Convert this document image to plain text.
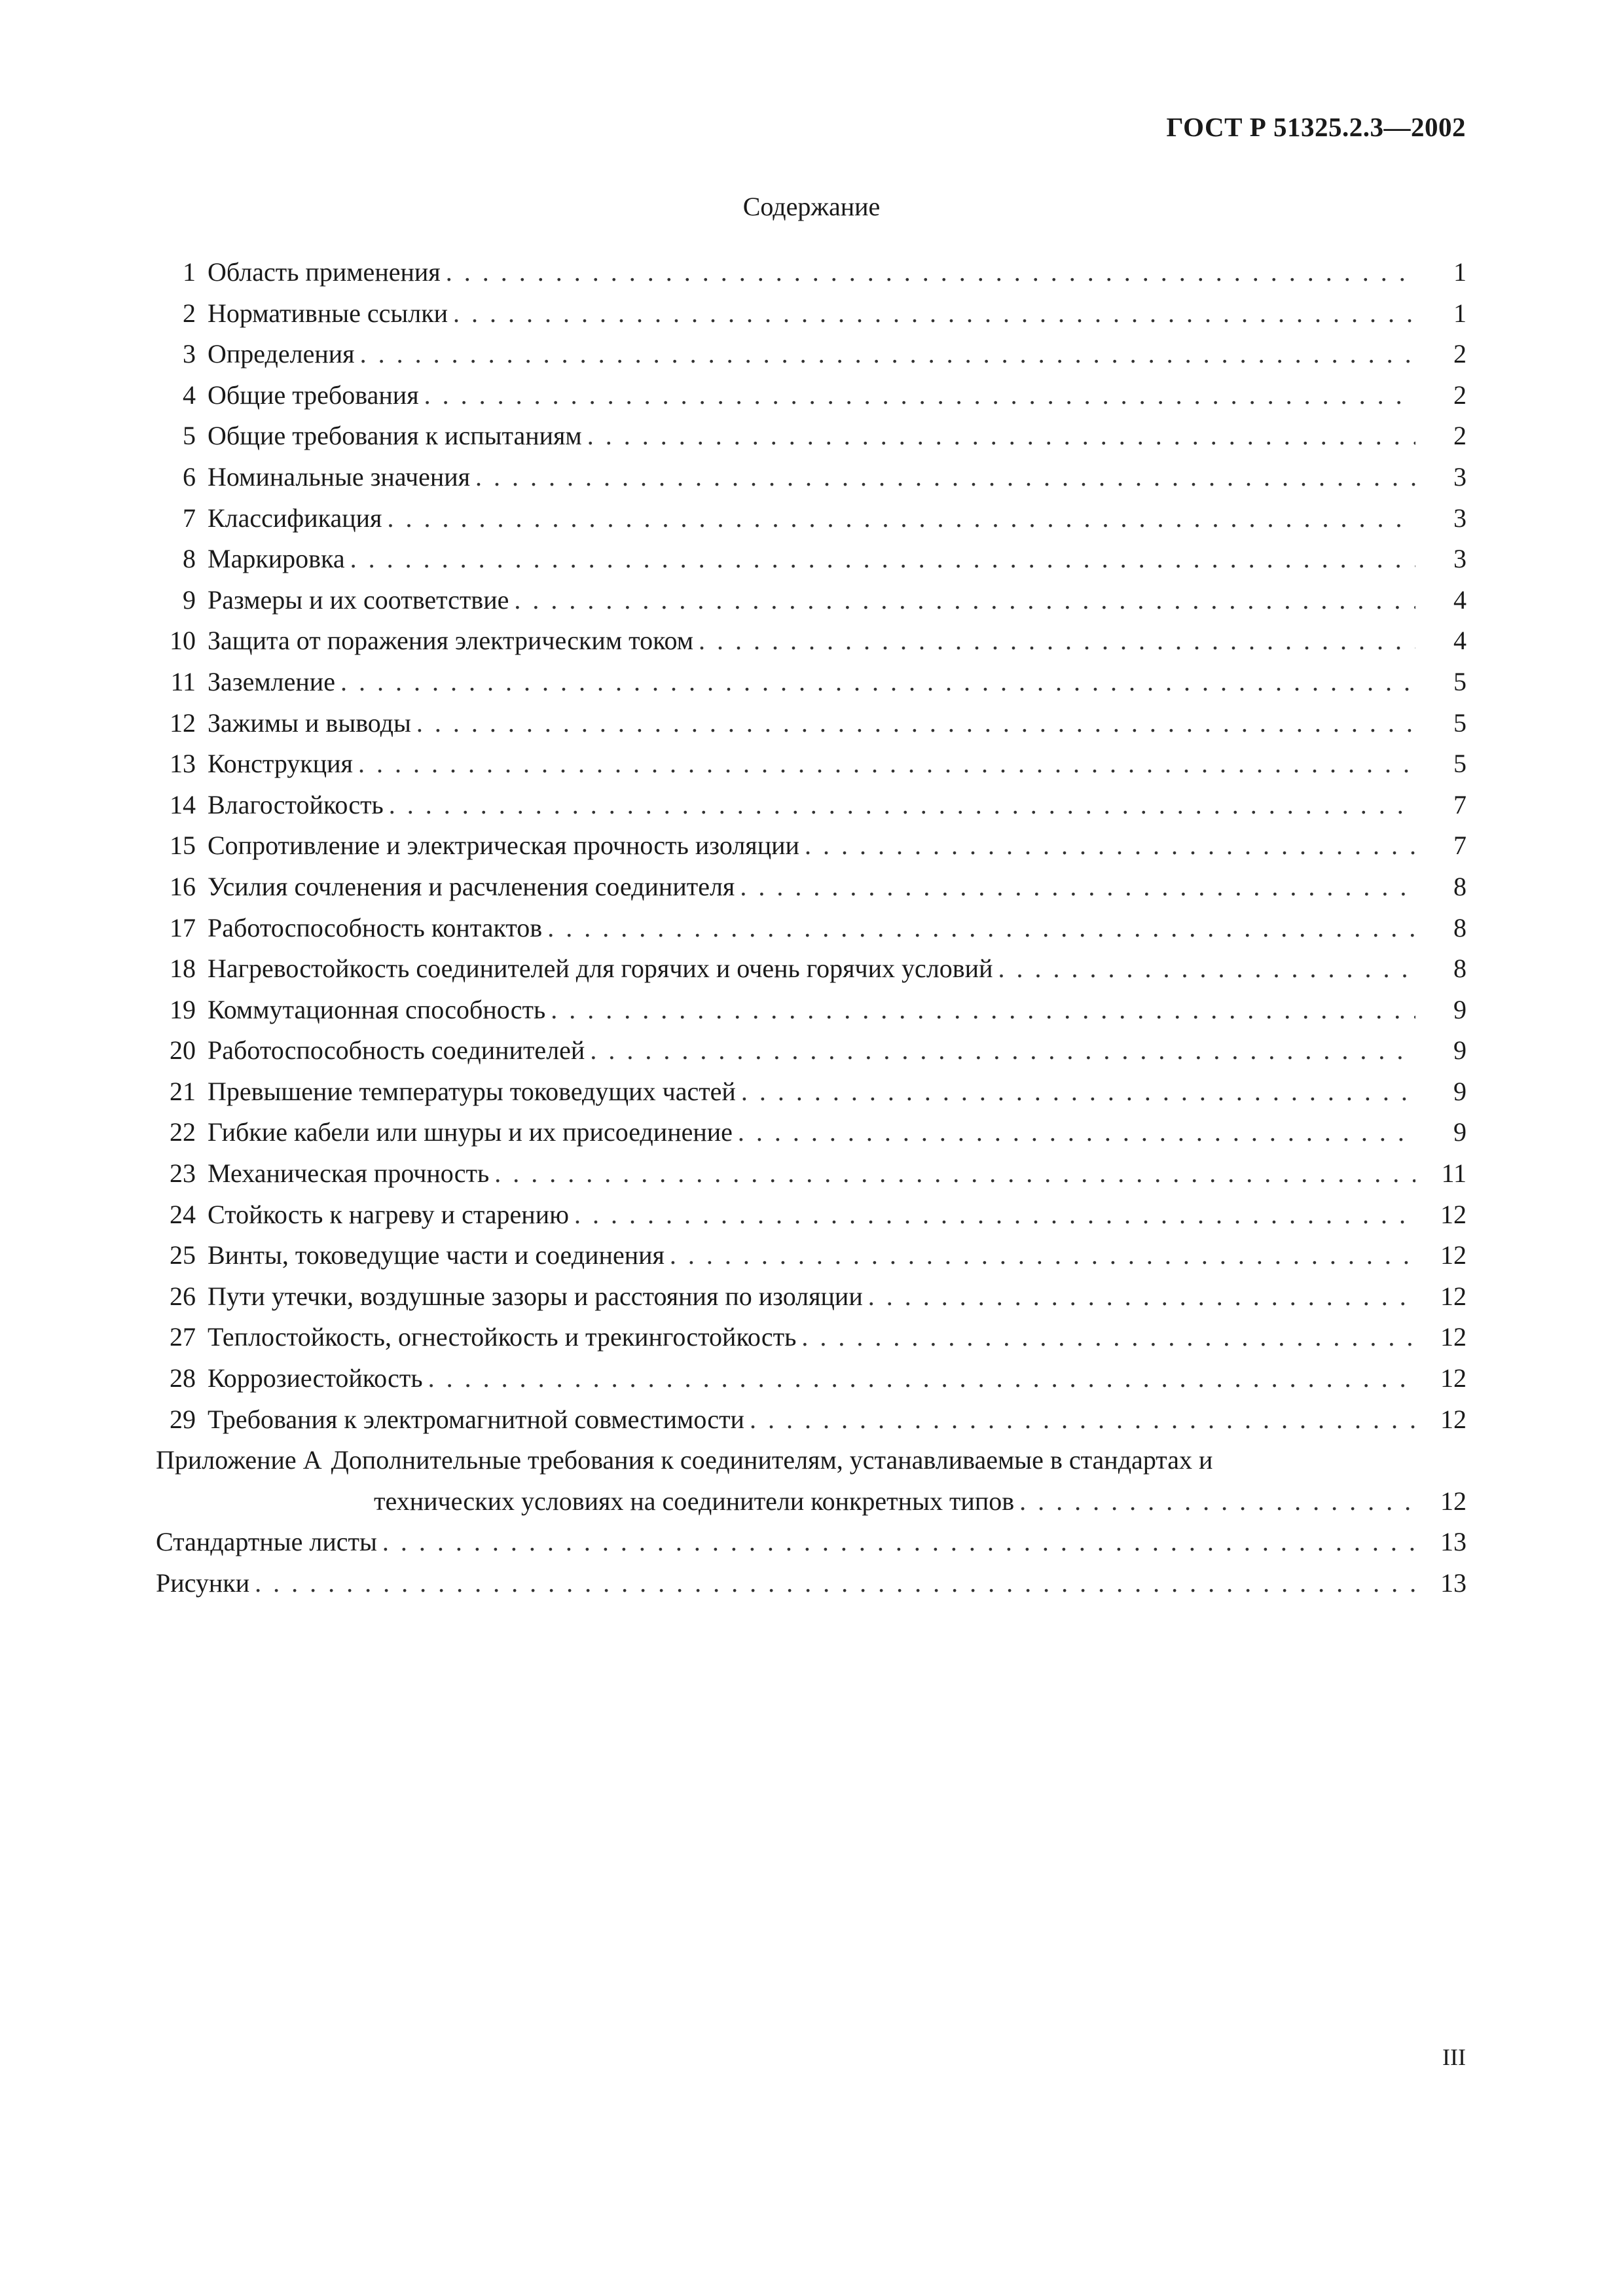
ГОСТ Р 51325.2.3—2002
Содержание
1 Область применения . . .	1
2 Нормативные ссылки . . .	1
3 Определения . . .	2
4 Общие требования . . .	2
5 Общие требования к испытаниям . . .	2
6 Номинальные значения . . .	3
7 Классификация . . .	3
8 Маркировка . . .	3
9 Размеры и их соответствие . . .	4
10 Защита от поражения электрическим током . . .	4
11 Заземление . . .	5
12 Зажимы и выводы . . .	5
13 Конструкция . . .	5
14 Влагостойкость . . .	7
15 Сопротивление и электрическая прочность изоляции . . .	7
16 Усилия сочленения и расчленения соединителя . . .	8
17 Работоспособность контактов . . .	8
18 Нагревостойкость соединителей для горячих и очень горячих условий . . .	8
19 Коммутационная способность . . .	9
20 Работоспособность соединителей . . .	9
21 Превышение температуры токоведущих частей . . .	9
22 Гибкие кабели или шнуры и их присоединение . . .	9
23 Механическая прочность . . .	11
24 Стойкость к нагреву и старению . . .	12
25 Винты, токоведущие части и соединения . . .	12
26 Пути утечки, воздушные зазоры и расстояния по изоляции . . .	12
27 Теплостойкость, огнестойкость и трекингостойкость . . .	12
28 Коррозиестойкость . . .	12
29 Требования к электромагнитной совместимости . . .	12
Приложение А Дополнительные требования к соединителям, устанавливаемые в стандартах и
технических условиях на соединители конкретных типов . . .	12
Стандартные листы . . .	13
Рисунки . . .	13
III
